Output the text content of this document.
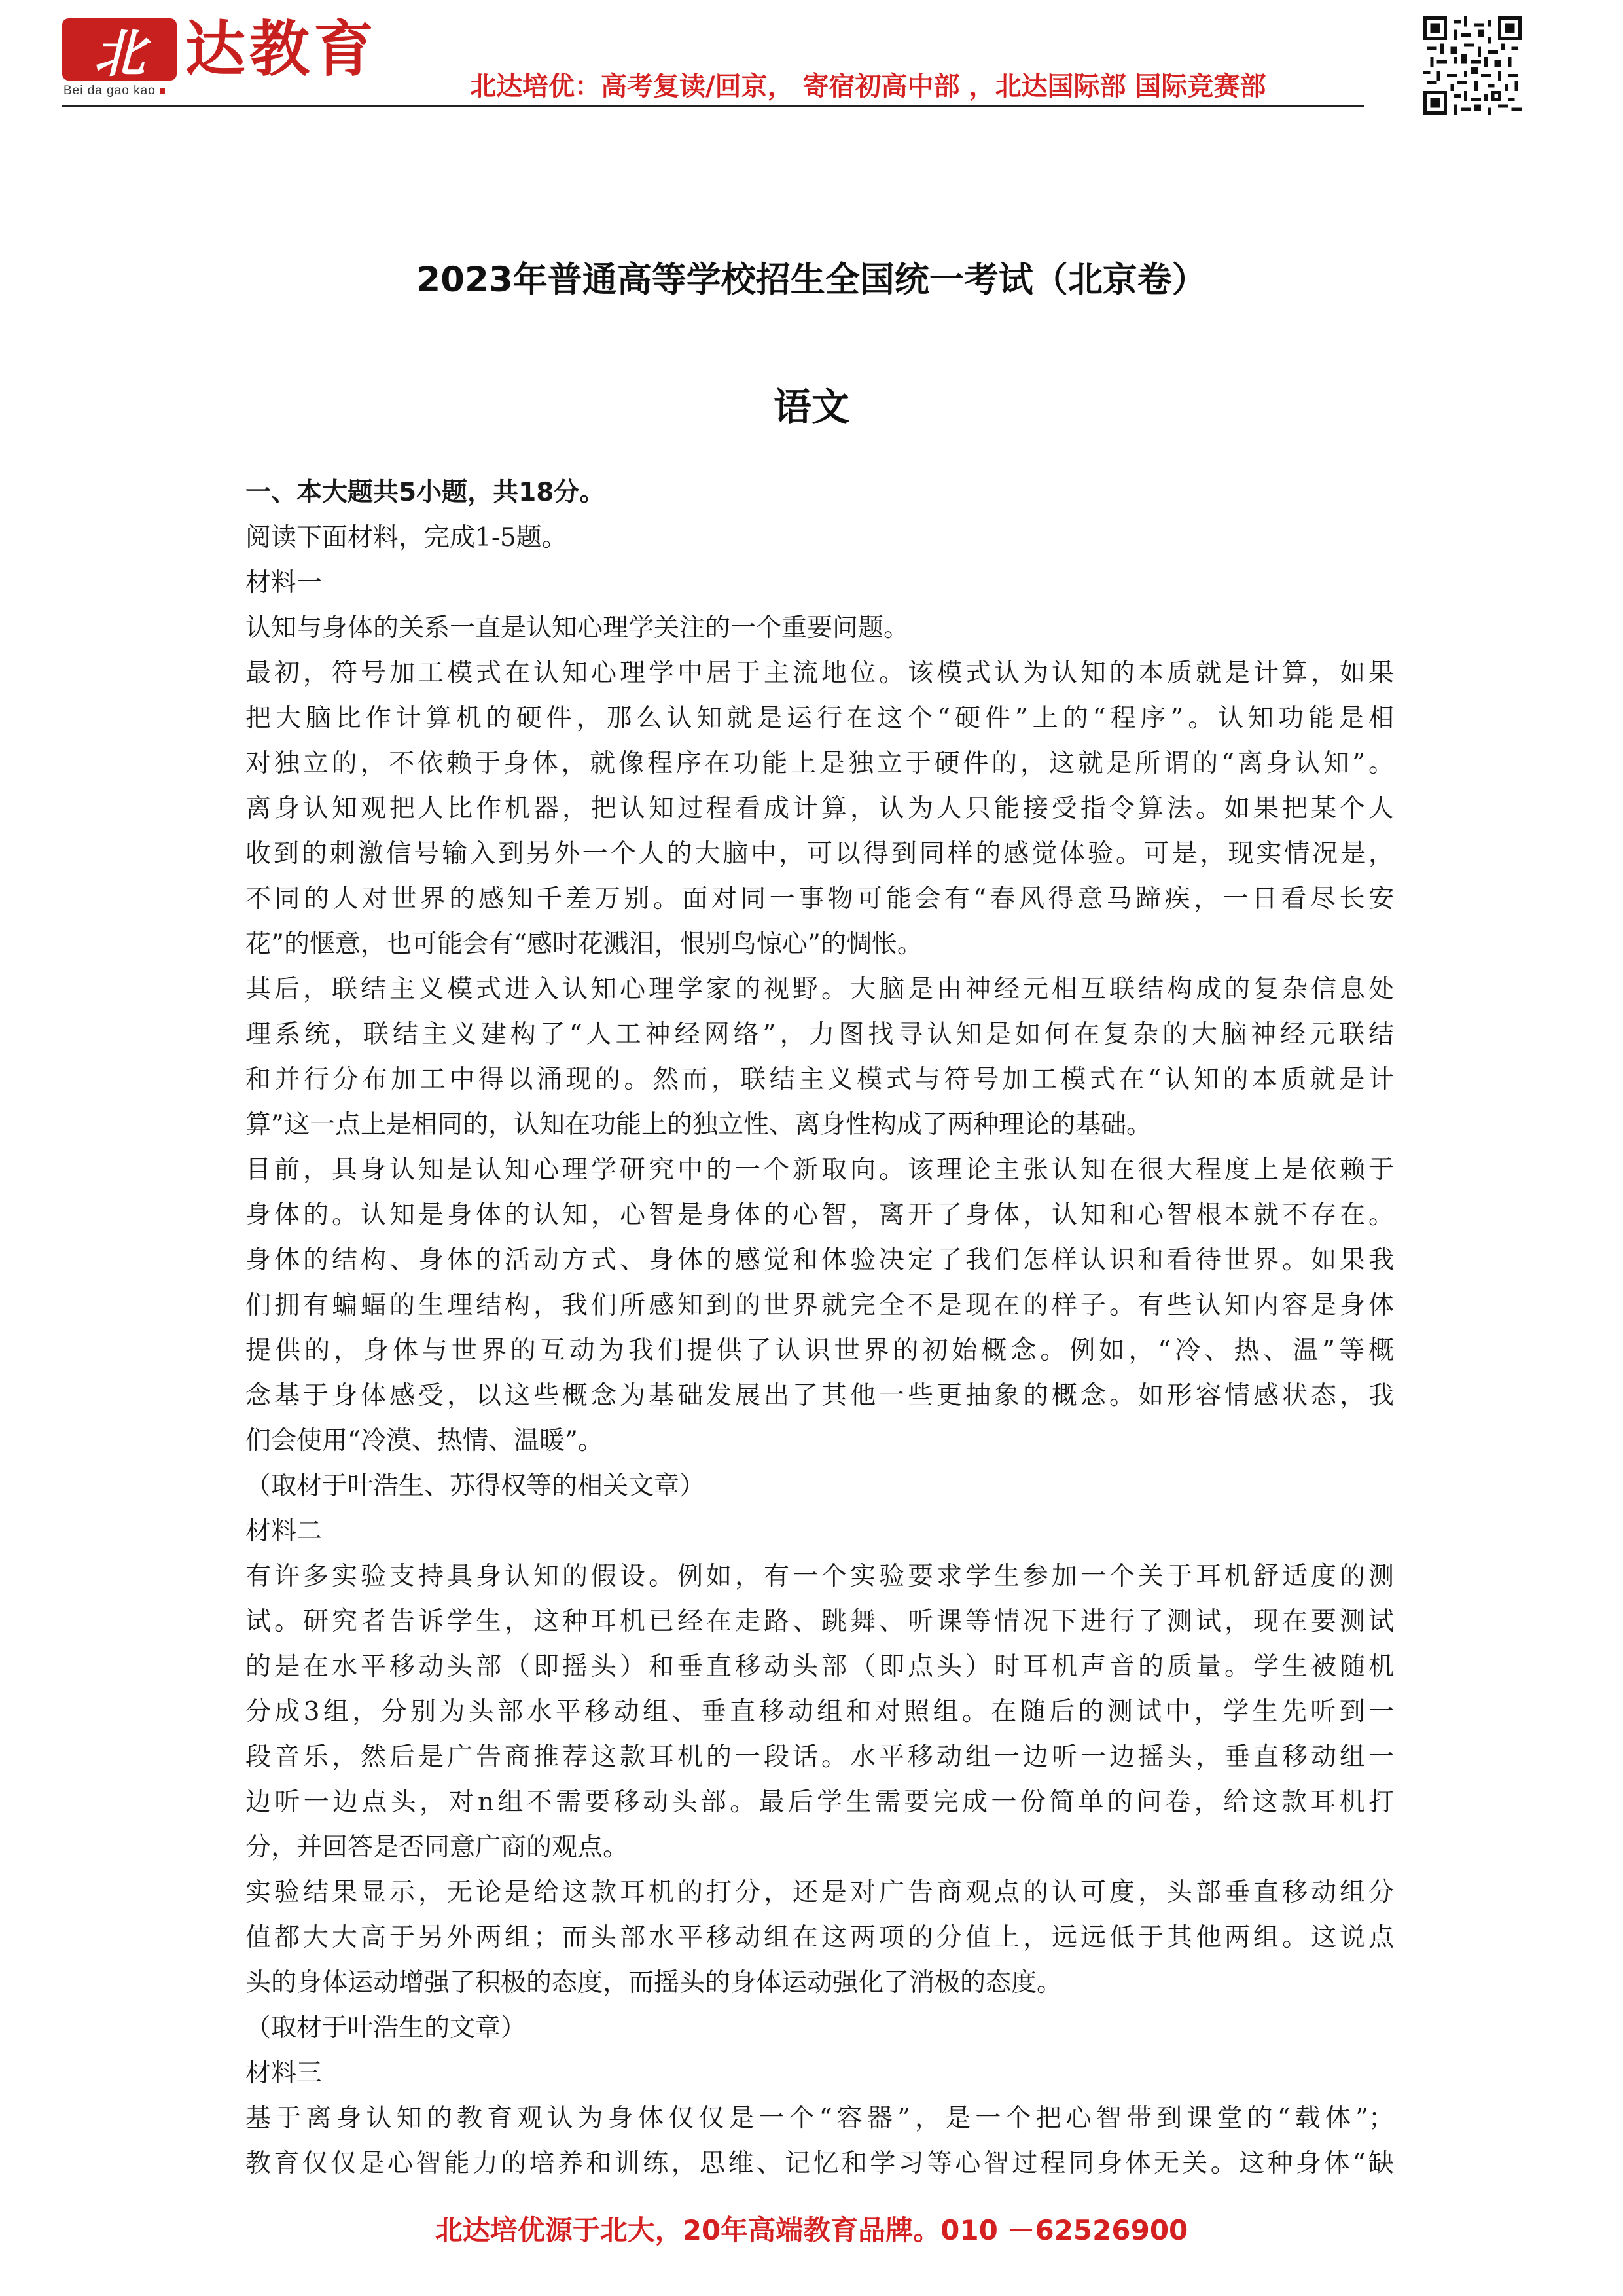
北 达教育
Bei da gao kao	北达培优：高考复读/回京， 寄宿初高中部 ，北达国际部 国际竞赛部
2023年普通高等学校招生全国统一考试（北京卷）
语文
一、本大题共5小题，共18分。
阅读下面材料，完成1-5题。
材料一
认知与身体的关系一直是认知心理学关注的一个重要问题。
最初，符号加工模式在认知心理学中居于主流地位。该模式认为认知的本质就是计算，如果
把大脑比作计算机的硬件，那么认知就是运行在这个“硬件”上的“程序”。认知功能是相
对独立的，不依赖于身体，就像程序在功能上是独立于硬件的，这就是所谓的“离身认知”。
离身认知观把人比作机器，把认知过程看成计算，认为人只能接受指令算法。如果把某个人
收到的刺激信号输入到另外一个人的大脑中，可以得到同样的感觉体验。可是，现实情况是，
不同的人对世界的感知千差万别。面对同一事物可能会有“春风得意马蹄疾，一日看尽长安
花”的惬意，也可能会有“感时花溅泪，恨别鸟惊心”的惆怅。
其后，联结主义模式进入认知心理学家的视野。大脑是由神经元相互联结构成的复杂信息处
理系统，联结主义建构了“人工神经网络”，力图找寻认知是如何在复杂的大脑神经元联结
和并行分布加工中得以涌现的。然而，联结主义模式与符号加工模式在“认知的本质就是计
算”这一点上是相同的，认知在功能上的独立性、离身性构成了两种理论的基础。
目前，具身认知是认知心理学研究中的一个新取向。该理论主张认知在很大程度上是依赖于
身体的。认知是身体的认知，心智是身体的心智，离开了身体，认知和心智根本就不存在。
身体的结构、身体的活动方式、身体的感觉和体验决定了我们怎样认识和看待世界。如果我
们拥有蝙蝠的生理结构，我们所感知到的世界就完全不是现在的样子。有些认知内容是身体
提供的，身体与世界的互动为我们提供了认识世界的初始概念。例如，“冷、热、温”等概
念基于身体感受，以这些概念为基础发展出了其他一些更抽象的概念。如形容情感状态，我
们会使用“冷漠、热情、温暖”。
（取材于叶浩生、苏得权等的相关文章）
材料二
有许多实验支持具身认知的假设。例如，有一个实验要求学生参加一个关于耳机舒适度的测
试。研究者告诉学生，这种耳机已经在走路、跳舞、听课等情况下进行了测试，现在要测试
的是在水平移动头部（即摇头）和垂直移动头部（即点头）时耳机声音的质量。学生被随机
分成3组，分别为头部水平移动组、垂直移动组和对照组。在随后的测试中，学生先听到一
段音乐，然后是广告商推荐这款耳机的一段话。水平移动组一边听一边摇头，垂直移动组一
边听一边点头，对n组不需要移动头部。最后学生需要完成一份简单的问卷，给这款耳机打
分，并回答是否同意广商的观点。
实验结果显示，无论是给这款耳机的打分，还是对广告商观点的认可度，头部垂直移动组分
值都大大高于另外两组；而头部水平移动组在这两项的分值上，远远低于其他两组。这说点
头的身体运动增强了积极的态度，而摇头的身体运动强化了消极的态度。
（取材于叶浩生的文章）
材料三
基于离身认知的教育观认为身体仅仅是一个“容器”，是一个把心智带到课堂的“载体”；
教育仅仅是心智能力的培养和训练，思维、记忆和学习等心智过程同身体无关。这种身体“缺
北达培优源于北大，20年高端教育品牌。010 －62526900
